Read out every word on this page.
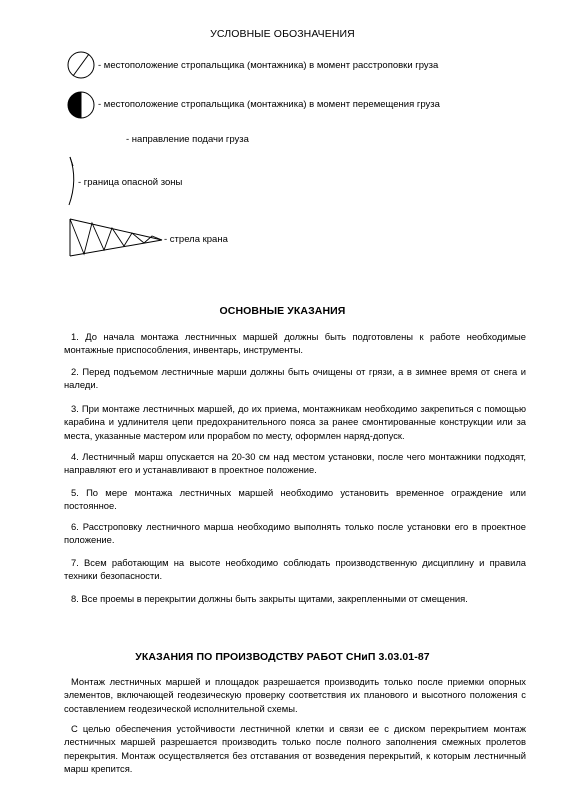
УСЛОВНЫЕ ОБОЗНАЧЕНИЯ
- местоположение стропальщика (монтажника) в момент расстроповки груза
- местоположение стропальщика (монтажника) в момент перемещения груза
- направление подачи груза
- граница опасной зоны
- стрела крана
ОСНОВНЫЕ УКАЗАНИЯ
1. До начала монтажа лестничных маршей должны быть подготовлены к работе необходимые монтажные приспособления, инвентарь, инструменты.
2. Перед подъемом лестничные марши должны быть очищены от грязи, а в зимнее время от снега и наледи.
3. При монтаже лестничных маршей, до их приема, монтажникам необходимо закрепиться с помощью карабина и удлинителя цепи предохранительного пояса за ранее смонтированные конструкции или за места, указанные мастером или прорабом по месту, оформлен наряд-допуск.
4. Лестничный марш опускается на 20-30 см над местом установки, после чего монтажники подходят, направляют его и устанавливают в проектное положение.
5. По мере монтажа лестничных маршей необходимо установить временное ограждение или постоянное.
6. Расстроповку лестничного марша необходимо выполнять только после установки его в проектное положение.
7. Всем работающим на высоте необходимо соблюдать производственную дисциплину и правила техники безопасности.
8. Все проемы в перекрытии должны быть закрыты щитами, закрепленными от смещения.
УКАЗАНИЯ ПО ПРОИЗВОДСТВУ РАБОТ СНиП 3.03.01-87
Монтаж лестничных маршей и площадок разрешается производить только после приемки опорных элементов, включающей геодезическую проверку соответствия их планового и высотного положения с составлением геодезической исполнительной схемы.
С целью обеспечения устойчивости лестничной клетки и связи ее с диском перекрытием монтаж лестничных маршей разрешается производить только после полного заполнения смежных пролетов перекрытия. Монтаж осуществляется без отставания от возведения перекрытий, к которым лестничный марш крепится.
